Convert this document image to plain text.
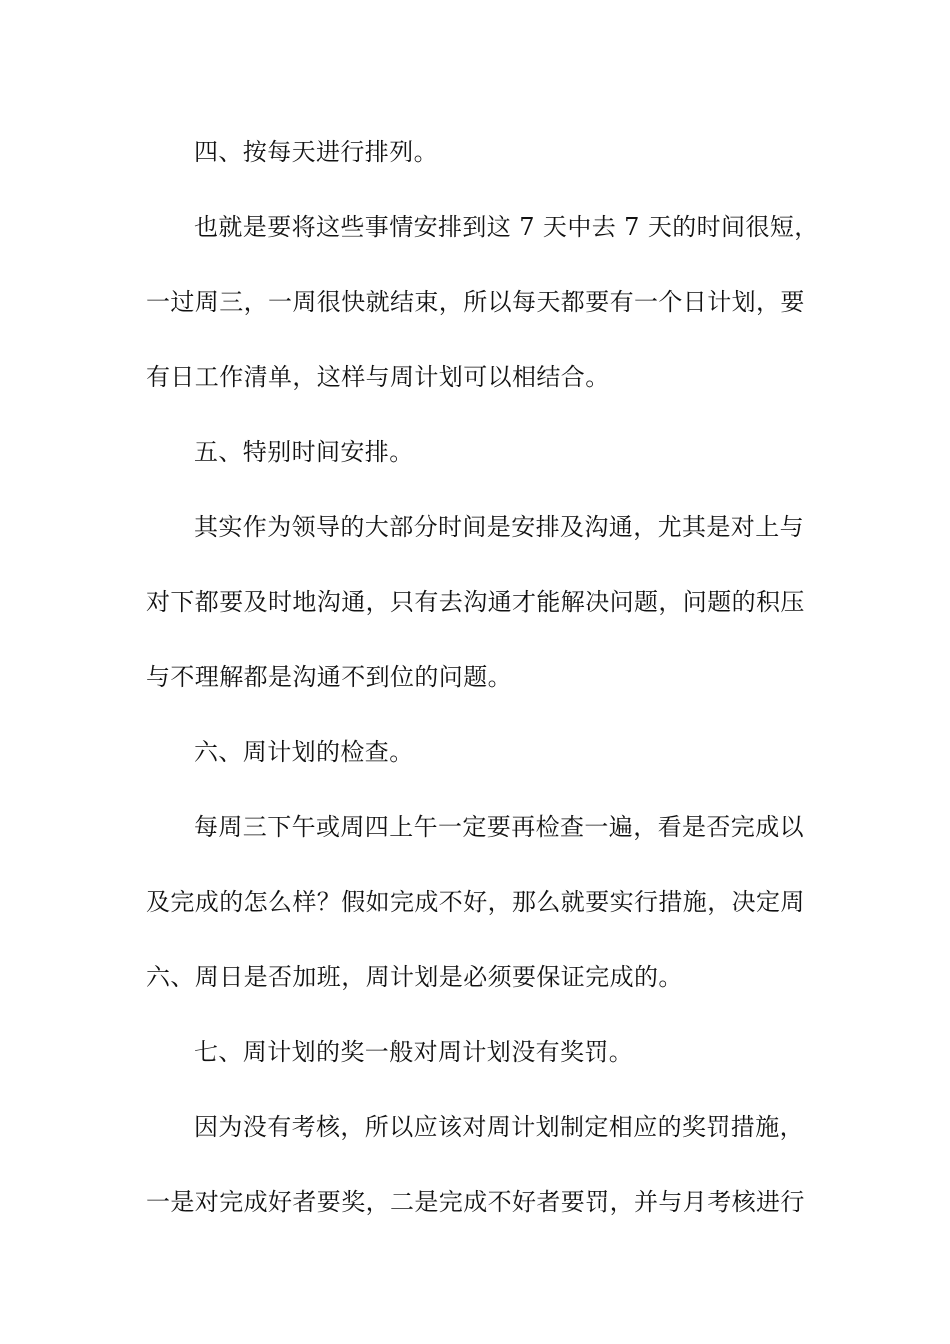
四、按每天进行排列。
也就是要将这些事情安排到这 7 天中去 7 天的时间很短，
一过周三，一周很快就结束，所以每天都要有一个日计划，要
有日工作清单，这样与周计划可以相结合。
五、特别时间安排。
其实作为领导的大部分时间是安排及沟通，尤其是对上与
对下都要及时地沟通，只有去沟通才能解决问题，问题的积压
与不理解都是沟通不到位的问题。
六、周计划的检查。
每周三下午或周四上午一定要再检查一遍，看是否完成以
及完成的怎么样？假如完成不好，那么就要实行措施，决定周
六、周日是否加班，周计划是必须要保证完成的。
七、周计划的奖一般对周计划没有奖罚。
因为没有考核，所以应该对周计划制定相应的奖罚措施，
一是对完成好者要奖，二是完成不好者要罚，并与月考核进行
